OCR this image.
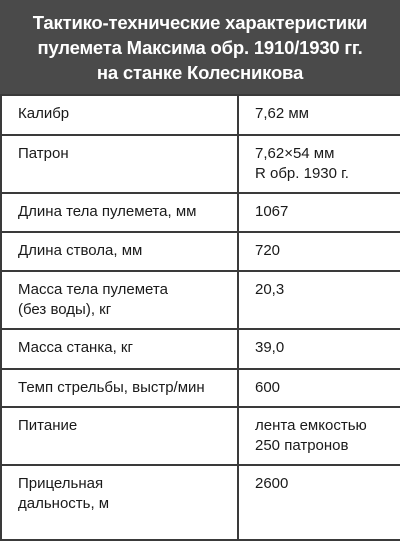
Тактико-технические характеристики
пулемета Максима обр. 1910/1930 гг.
на станке Колесникова
Калибр	7,62 мм

Патрон	7,62×54 мм
R обр. 1930 г.

Длина тела пулемета, мм	1067

Длина ствола, мм	720

Масса тела пулемета
(без воды), кг	20,3

Масса станка, кг	39,0

Темп стрельбы, выстр/мин	600

Питание	лента емкостью
250 патронов

Прицельная
дальность, м	2600
